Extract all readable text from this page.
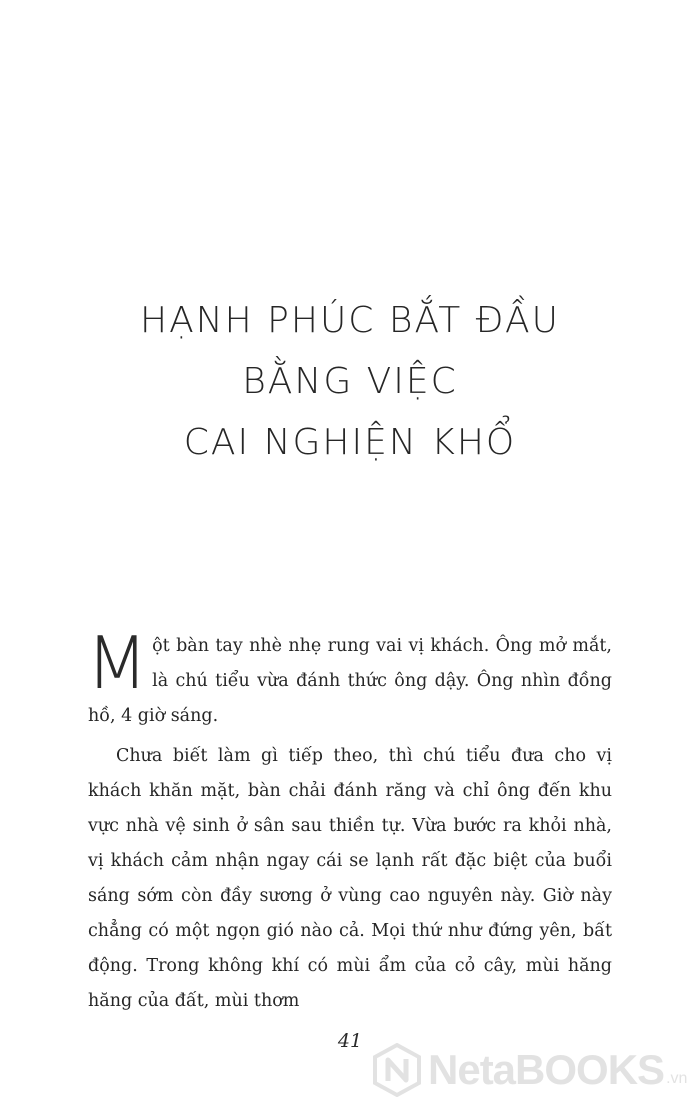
HẠNH PHÚC BẮT ĐẦU
BẰNG VIỆC
CAI NGHIỆN KHỔ

Một bàn tay nhè nhẹ rung vai vị khách. Ông mở mắt, là chú tiểu vừa đánh thức ông dậy. Ông nhìn đồng hồ, 4 giờ sáng.

Chưa biết làm gì tiếp theo, thì chú tiểu đưa cho vị khách khăn mặt, bàn chải đánh răng và chỉ ông đến khu vực nhà vệ sinh ở sân sau thiền tự. Vừa bước ra khỏi nhà, vị khách cảm nhận ngay cái se lạnh rất đặc biệt của buổi sáng sớm còn đầy sương ở vùng cao nguyên này. Giờ này chẳng có một ngọn gió nào cả. Mọi thứ như đứng yên, bất động. Trong không khí có mùi ẩm của cỏ cây, mùi hăng hăng của đất, mùi thơm

41
NetaBOOKS .vn
